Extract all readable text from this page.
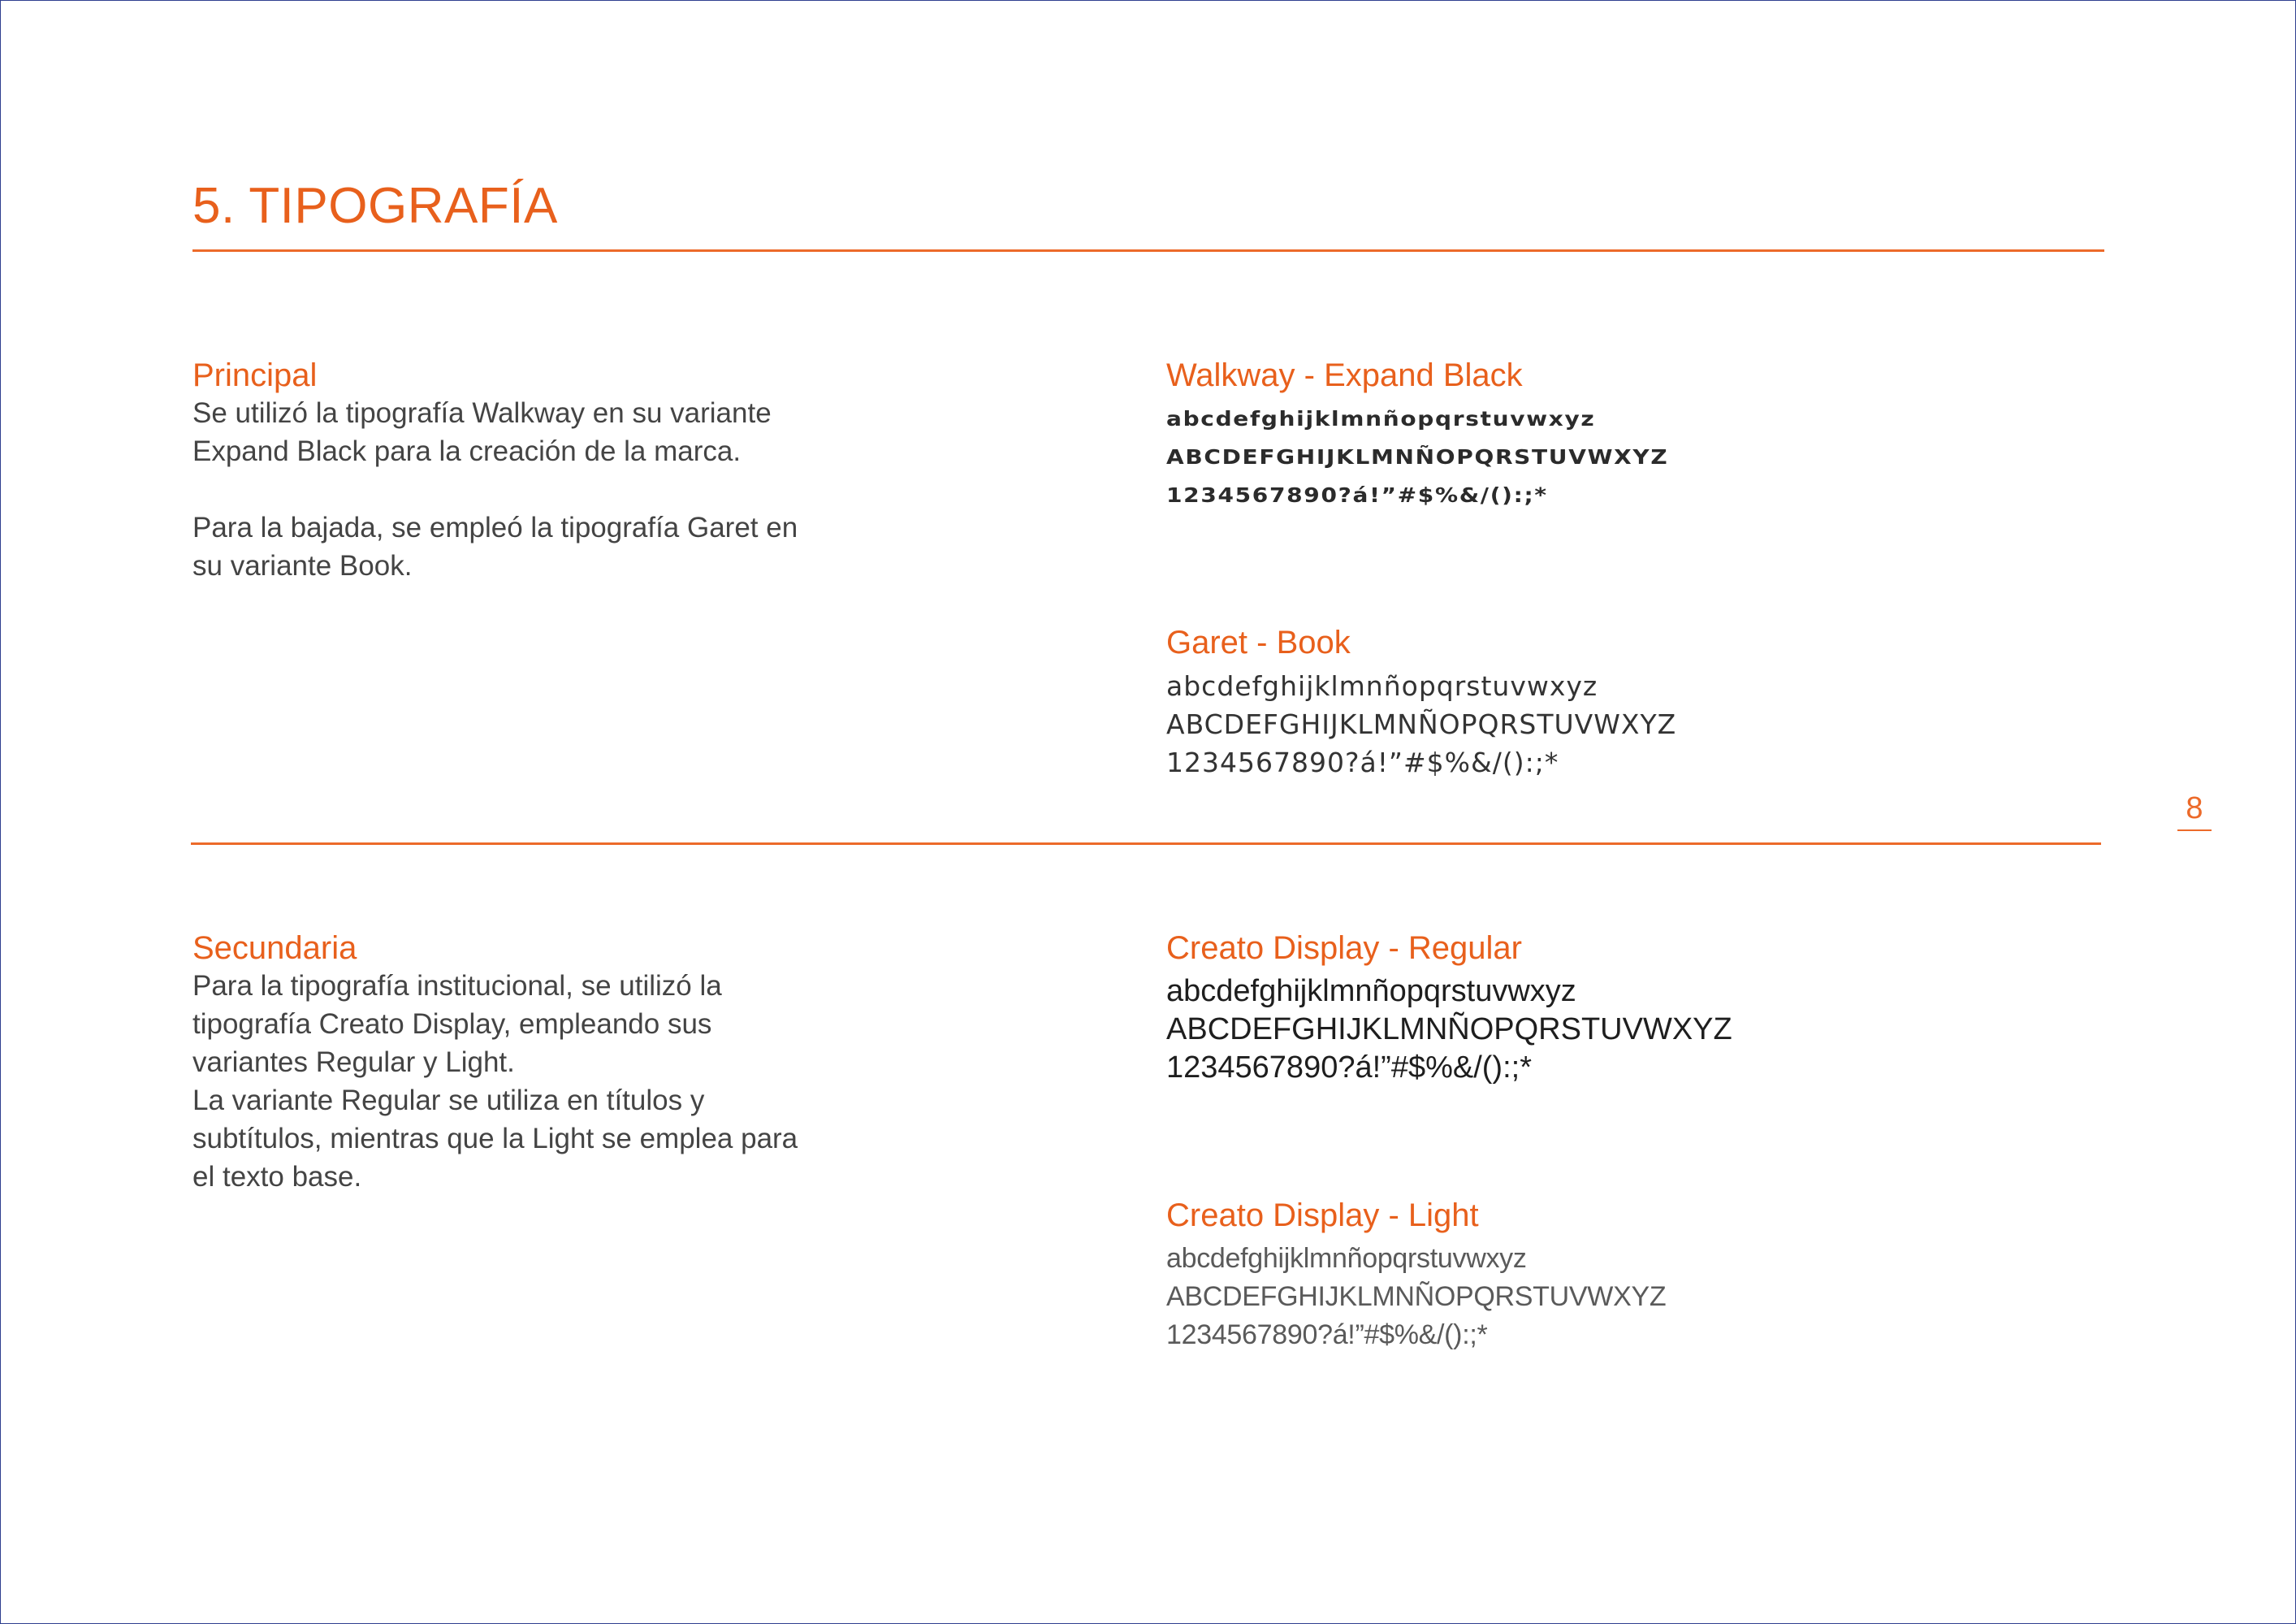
5. TIPOGRAFÍA
Principal

Se utilizó la tipografía Walkway en su variante Expand Black para la creación de la marca.

Para la bajada, se empleó la tipografía Garet en su variante Book.

Walkway - Expand Black
abcdefghijklmnñopqrstuvwxyz
ABCDEFGHIJKLMNÑOPQRSTUVWXYZ
1234567890?á!”#$%&/():;*
Garet - Book
abcdefghijklmnñopqrstuvwxyz
ABCDEFGHIJKLMNÑOPQRSTUVWXYZ
1234567890?á!”#$%&/():;*
8
Secundaria

Para la tipografía institucional, se utilizó la tipografía Creato Display, empleando sus variantes Regular y Light.

La variante Regular se utiliza en títulos y subtítulos, mientras que la Light se emplea para el texto base.

Creato Display - Regular
abcdefghijklmnñopqrstuvwxyz
ABCDEFGHIJKLMNÑOPQRSTUVWXYZ
1234567890?á!”#$%&/():;*
Creato Display - Light
abcdefghijklmnñopqrstuvwxyz
ABCDEFGHIJKLMNÑOPQRSTUVWXYZ
1234567890?á!”#$%&/():;*
